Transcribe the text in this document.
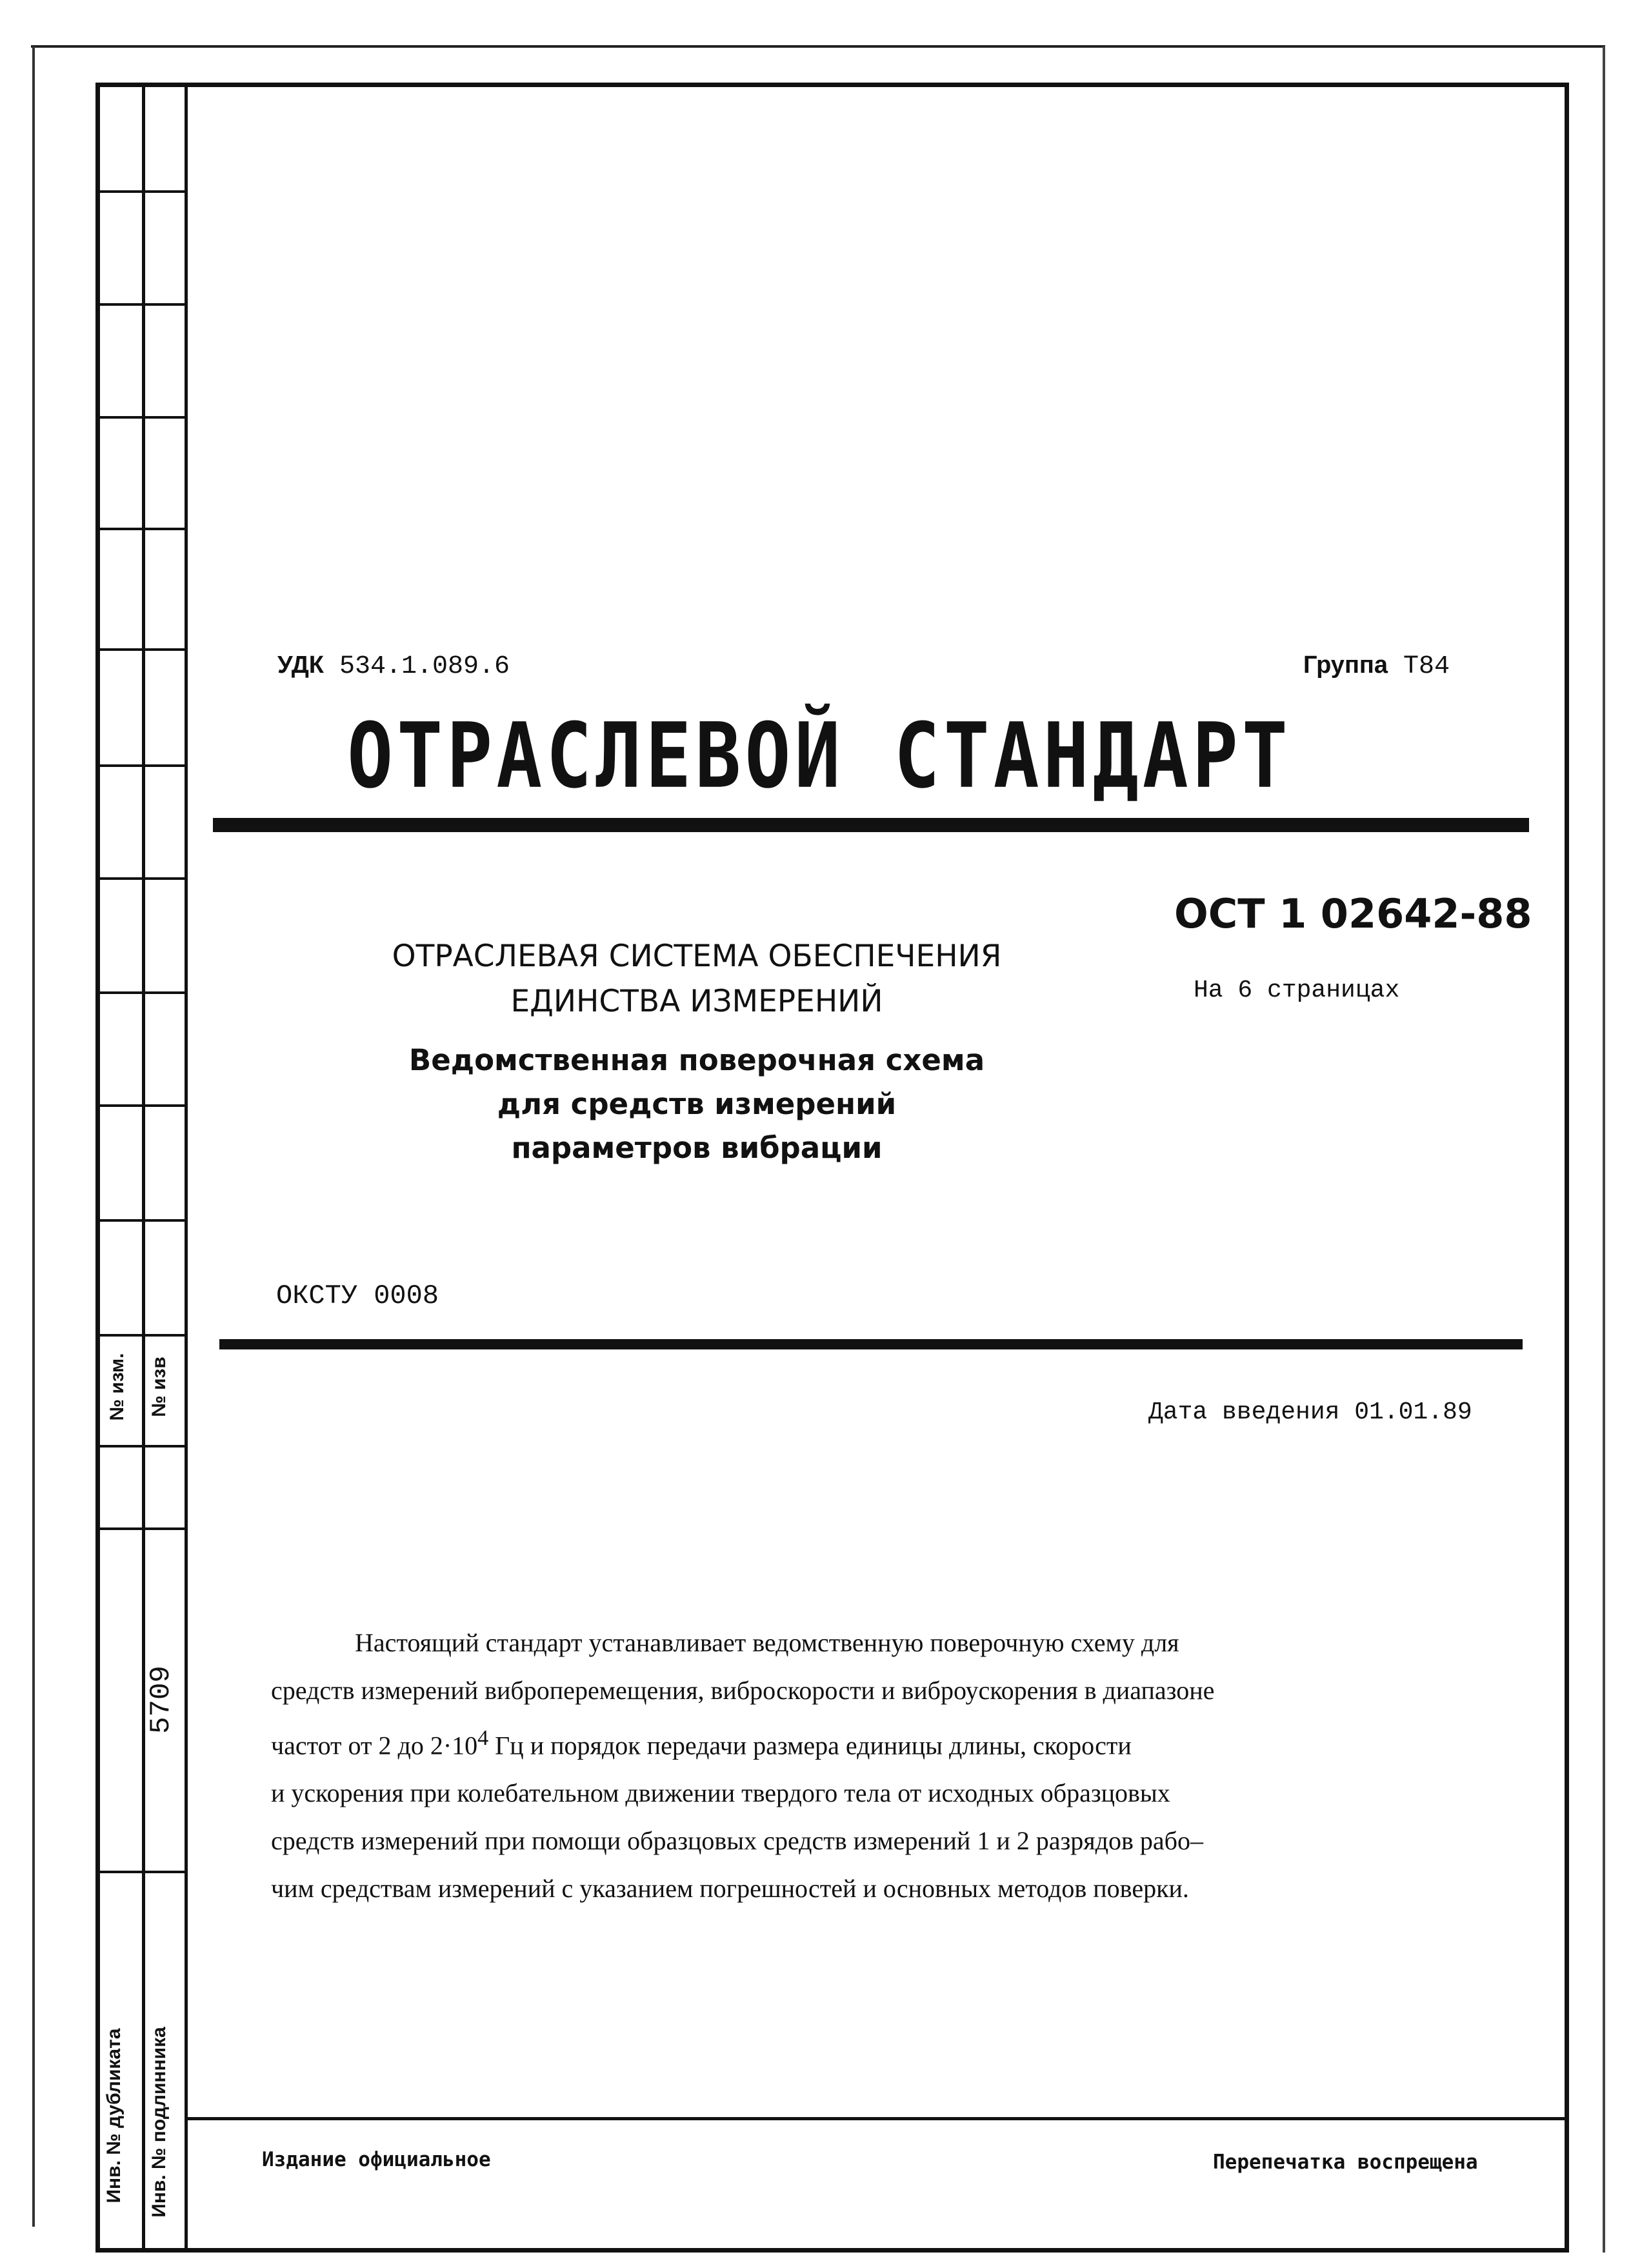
№ изм. № изв
5709
Инв. № дубликата Инв. № подлинника
УДК 534.1.089.6	Группа Т84
ОТРАСЛЕВОЙ СТАНДАРТ
ОСТ 1 02642-88
На 6 страницах
ОТРАСЛЕВАЯ СИСТЕМА ОБЕСПЕЧЕНИЯ
ЕДИНСТВА ИЗМЕРЕНИЙ
Ведомственная поверочная схема
для средств измерений
параметров вибрации
ОКСТУ 0008
Дата введения 01.01.89

Настоящий стандарт устанавливает ведомственную поверочную схему для

средств измерений виброперемещения, виброскорости и виброускорения в диапазоне

частот от 2 до $2\cdot 10^4$ Гц и порядок передачи размера единицы длины, скорости

и ускорения при колебательном движении твердого тела от исходных образцовых

средств измерений при помощи образцовых средств измерений 1 и 2 разрядов рабо–

чим средствам измерений с указанием погрешностей и основных методов поверки.

Издание официальное	Перепечатка воспрещена
